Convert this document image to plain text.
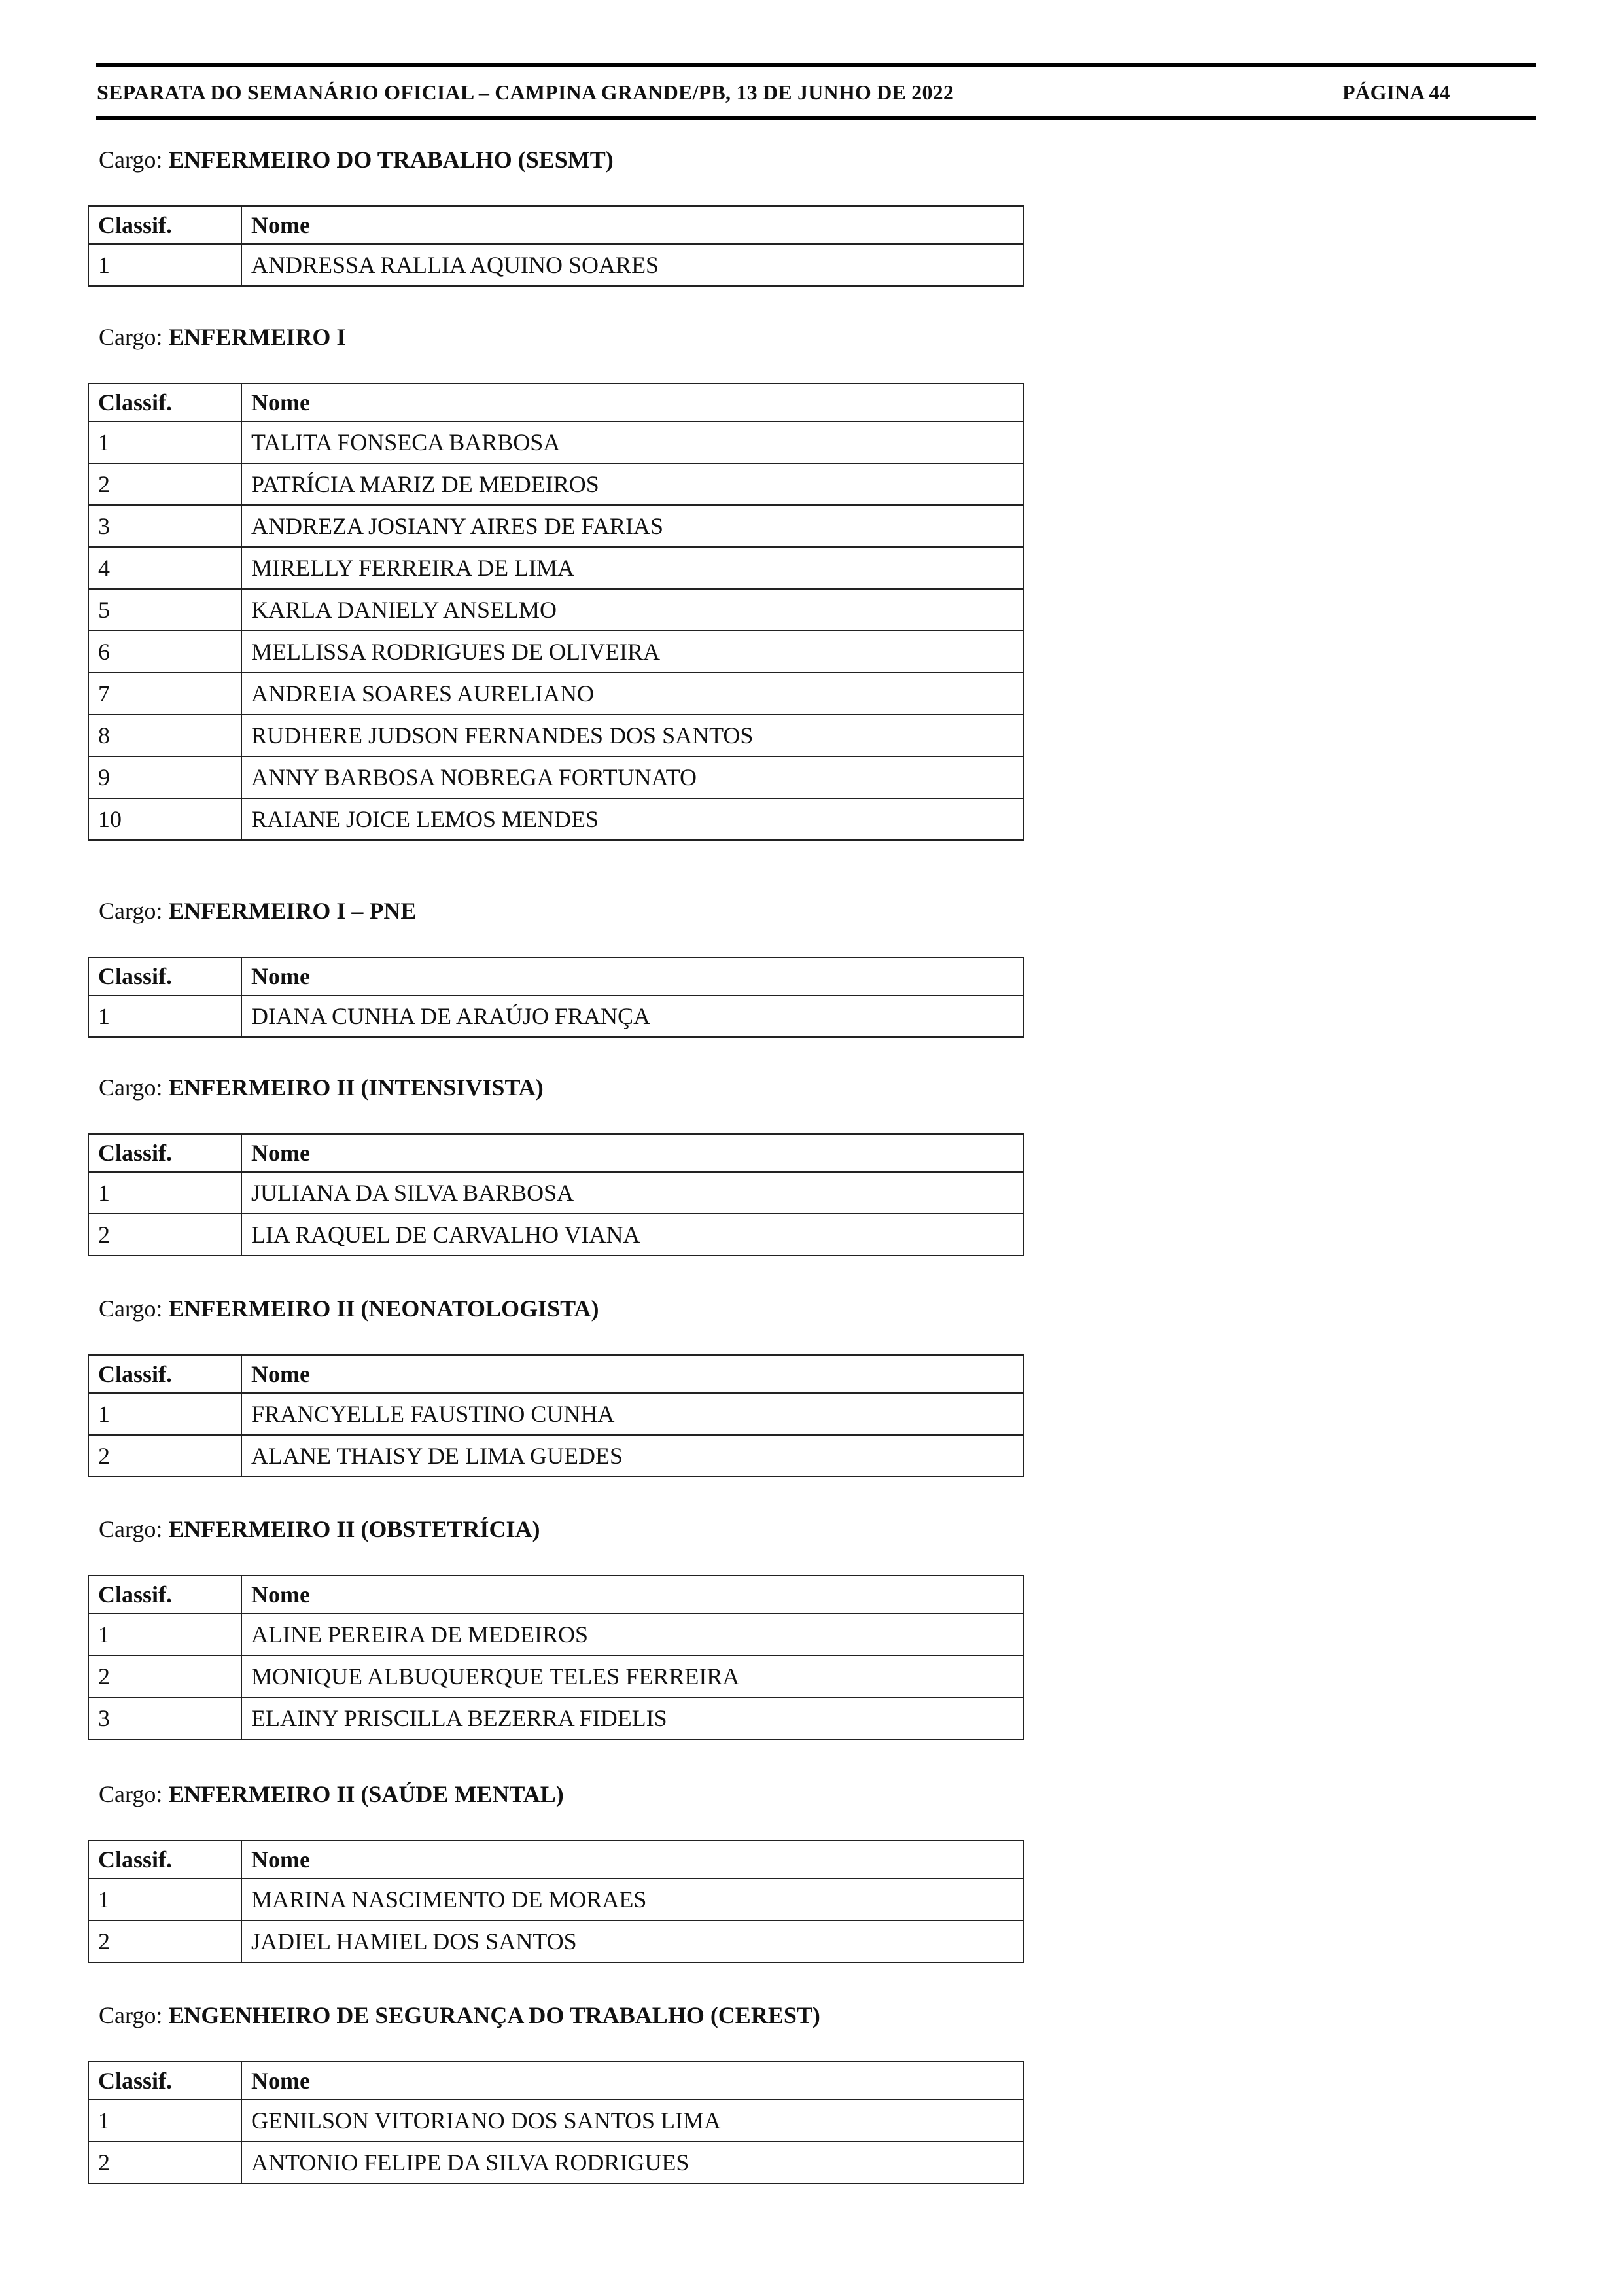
SEPARATA DO SEMANÁRIO OFICIAL – CAMPINA GRANDE/PB, 13 DE JUNHO DE 2022	PÁGINA 44
Cargo: ENFERMEIRO DO TRABALHO (SESMT)
Classif.	Nome
1	ANDRESSA RALLIA AQUINO SOARES
Cargo: ENFERMEIRO I
Classif.	Nome
1	TALITA FONSECA BARBOSA
2	PATRÍCIA MARIZ DE MEDEIROS
3	ANDREZA JOSIANY AIRES DE FARIAS
4	MIRELLY FERREIRA DE LIMA
5	KARLA DANIELY ANSELMO
6	MELLISSA RODRIGUES DE OLIVEIRA
7	ANDREIA SOARES AURELIANO
8	RUDHERE JUDSON FERNANDES DOS SANTOS
9	ANNY BARBOSA NOBREGA FORTUNATO
10	RAIANE JOICE LEMOS MENDES
Cargo: ENFERMEIRO I – PNE
Classif.	Nome
1	DIANA CUNHA DE ARAÚJO FRANÇA
Cargo: ENFERMEIRO II (INTENSIVISTA)
Classif.	Nome
1	JULIANA DA SILVA BARBOSA
2	LIA RAQUEL DE CARVALHO VIANA
Cargo: ENFERMEIRO II (NEONATOLOGISTA)
Classif.	Nome
1	FRANCYELLE FAUSTINO CUNHA
2	ALANE THAISY DE LIMA GUEDES
Cargo: ENFERMEIRO II (OBSTETRÍCIA)
Classif.	Nome
1	ALINE PEREIRA DE MEDEIROS
2	MONIQUE ALBUQUERQUE TELES FERREIRA
3	ELAINY PRISCILLA BEZERRA FIDELIS
Cargo: ENFERMEIRO II (SAÚDE MENTAL)
Classif.	Nome
1	MARINA NASCIMENTO DE MORAES
2	JADIEL HAMIEL DOS SANTOS
Cargo: ENGENHEIRO DE SEGURANÇA DO TRABALHO (CEREST)
Classif.	Nome
1	GENILSON VITORIANO DOS SANTOS LIMA
2	ANTONIO FELIPE DA SILVA RODRIGUES
